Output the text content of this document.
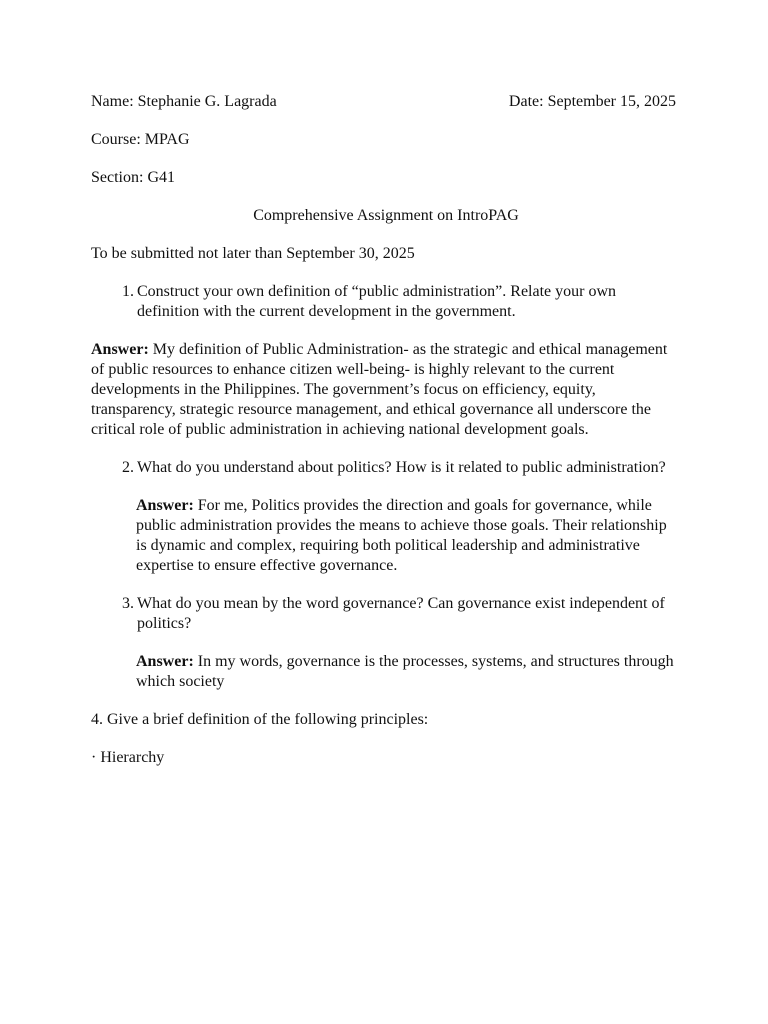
Name: Stephanie G. Lagrada	Date: September 15, 2025

Course: MPAG

Section: G41

Comprehensive Assignment on IntroPAG

To be submitted not later than September 30, 2025

1. Construct your own definition of “public administration”. Relate your own definition with the current development in the government.

Answer: My definition of Public Administration- as the strategic and ethical management of public resources to enhance citizen well-being- is highly relevant to the current developments in the Philippines. The government’s focus on efficiency, equity, transparency, strategic resource management, and ethical governance all underscore the critical role of public administration in achieving national development goals.

2. What do you understand about politics? How is it related to public administration?

Answer: For me, Politics provides the direction and goals for governance, while public administration provides the means to achieve those goals. Their relationship is dynamic and complex, requiring both political leadership and administrative expertise to ensure effective governance.

3. What do you mean by the word governance? Can governance exist independent of politics?

Answer: In my words, governance is the processes, systems, and structures through which society

4. Give a brief definition of the following principles:

· Hierarchy
